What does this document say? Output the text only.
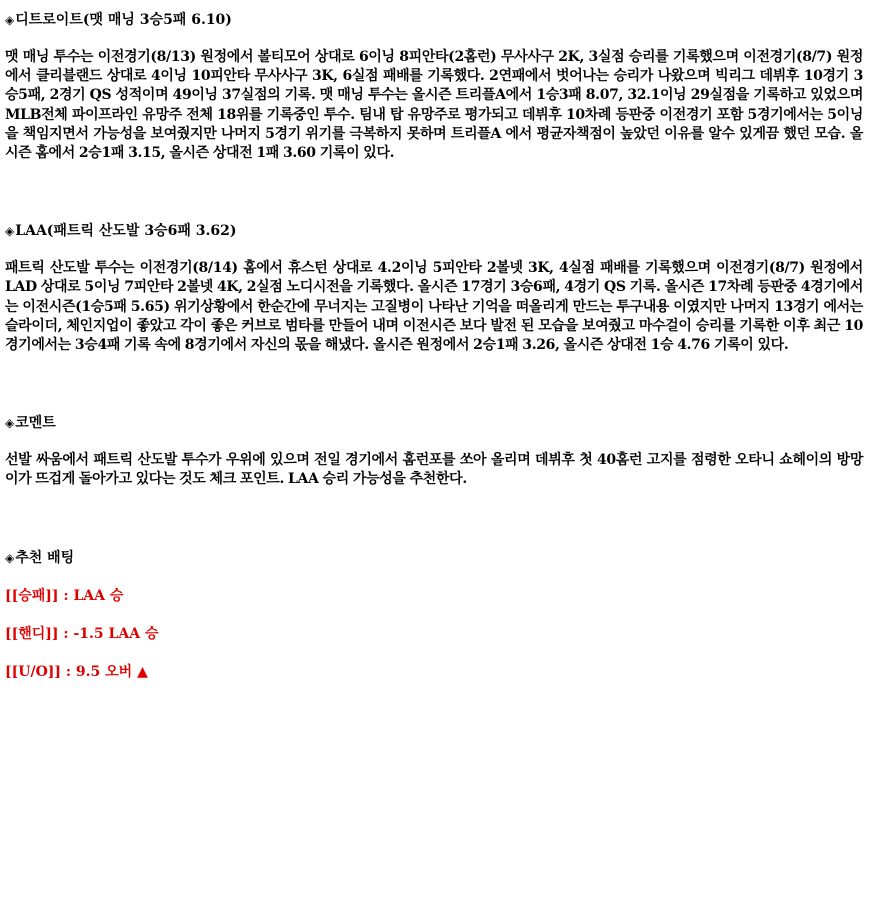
◈디트로이트(맷 매닝 3승5패 6.10)

맷 매닝 투수는 이전경기(8/13) 원정에서 볼티모어 상대로 6이닝 8피안타(2홈런) 무사사구 2K, 3실점 승리를 기록했으며 이전경기(8/7) 원정에서 클리블랜드 상대로 4이닝 10피안타 무사사구 3K, 6실점 패배를 기록했다. 2연패에서 벗어나는 승리가 나왔으며 빅리그 데뷔후 10경기 3승5패, 2경기 QS 성적이며 49이닝 37실점의 기록. 맷 매닝 투수는 올시즌 트리플A에서 1승3패 8.07, 32.1이닝 29실점을 기록하고 있었으며 MLB전체 파이프라인 유망주 전체 18위를 기록중인 투수. 팀내 탑 유망주로 평가되고 데뷔후 10차례 등판중 이전경기 포함 5경기에서는 5이닝을 책임지면서 가능성을 보여줬지만 나머지 5경기 위기를 극복하지 못하며 트리플A 에서 평균자책점이 높았던 이유를 알수 있게끔 했던 모습. 올시즌 홈에서 2승1패 3.15, 올시즌 상대전 1패 3.60 기록이 있다.

◈LAA(패트릭 산도발 3승6패 3.62)

패트릭 산도발 투수는 이전경기(8/14) 홈에서 휴스턴 상대로 4.2이닝 5피안타 2볼넷 3K, 4실점 패배를 기록했으며 이전경기(8/7) 원정에서 LAD 상대로 5이닝 7피안타 2볼넷 4K, 2실점 노디시전을 기록했다. 올시즌 17경기 3승6패, 4경기 QS 기록. 올시즌 17차례 등판중 4경기에서는 이전시즌(1승5패 5.65) 위기상황에서 한순간에 무너지는 고질병이 나타난 기억을 떠올리게 만드는 투구내용 이였지만 나머지 13경기 에서는 슬라이더, 체인지업이 좋았고 각이 좋은 커브로 범타를 만들어 내며 이전시즌 보다 발전 된 모습을 보여줬고 마수걸이 승리를 기록한 이후 최근 10경기에서는 3승4패 기록 속에 8경기에서 자신의 몫을 해냈다. 올시즌 원정에서 2승1패 3.26, 올시즌 상대전 1승 4.76 기록이 있다.

◈코멘트

선발 싸움에서 패트릭 산도발 투수가 우위에 있으며 전일 경기에서 홈런포를 쏘아 올리며 데뷔후 첫 40홈런 고지를 점령한 오타니 쇼헤이의 방망이가 뜨겁게 돌아가고 있다는 것도 체크 포인트. LAA 승리 가능성을 추천한다.

◈추천 배팅

[[승패]] : LAA 승

[[핸디]] : -1.5 LAA 승

[[U/O]] : 9.5 오버 ▲
